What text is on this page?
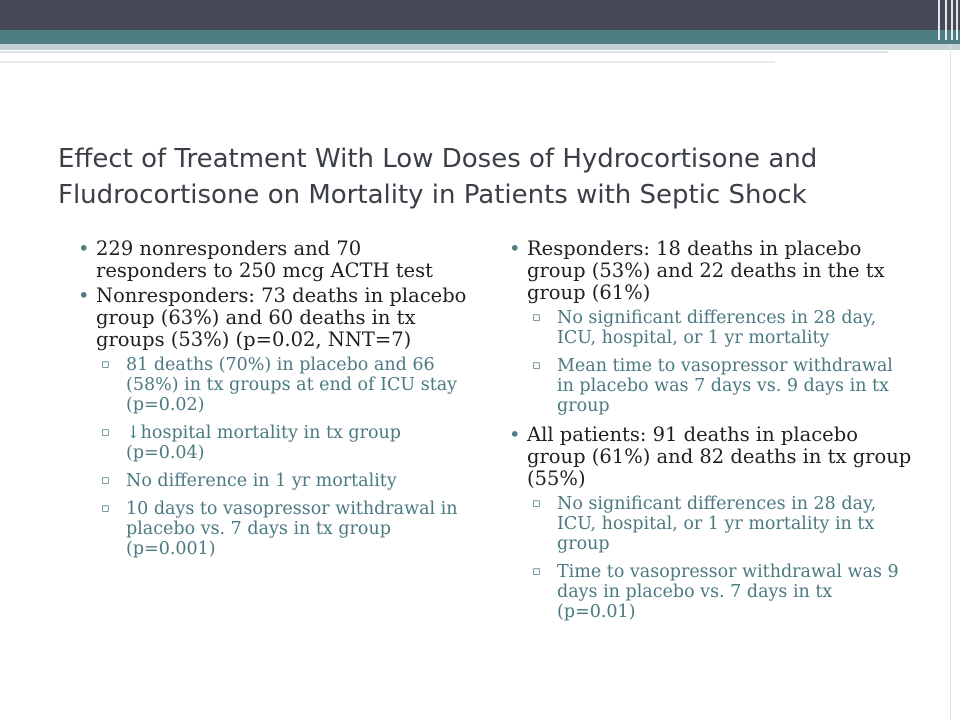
Effect of Treatment With Low Doses of Hydrocortisone and Fludrocortisone on Mortality in Patients with Septic Shock
• 229 nonresponders and 70 responders to 250 mcg ACTH test
• Nonresponders: 73 deaths in placebo group (63%) and 60 deaths in tx groups (53%) (p=0.02, NNT=7)
▫ 81 deaths (70%) in placebo and 66 (58%) in tx groups at end of ICU stay (p=0.02)
▫ ↓hospital mortality in tx group (p=0.04)
▫ No difference in 1 yr mortality
▫ 10 days to vasopressor withdrawal in placebo vs. 7 days in tx group (p=0.001)
• Responders: 18 deaths in placebo group (53%) and 22 deaths in the tx group (61%)
▫ No significant differences in 28 day, ICU, hospital, or 1 yr mortality
▫ Mean time to vasopressor withdrawal in placebo was 7 days vs. 9 days in tx group
• All patients: 91 deaths in placebo group (61%) and 82 deaths in tx group (55%)
▫ No significant differences in 28 day, ICU, hospital, or 1 yr mortality in tx group
▫ Time to vasopressor withdrawal was 9 days in placebo vs. 7 days in tx (p=0.01)
